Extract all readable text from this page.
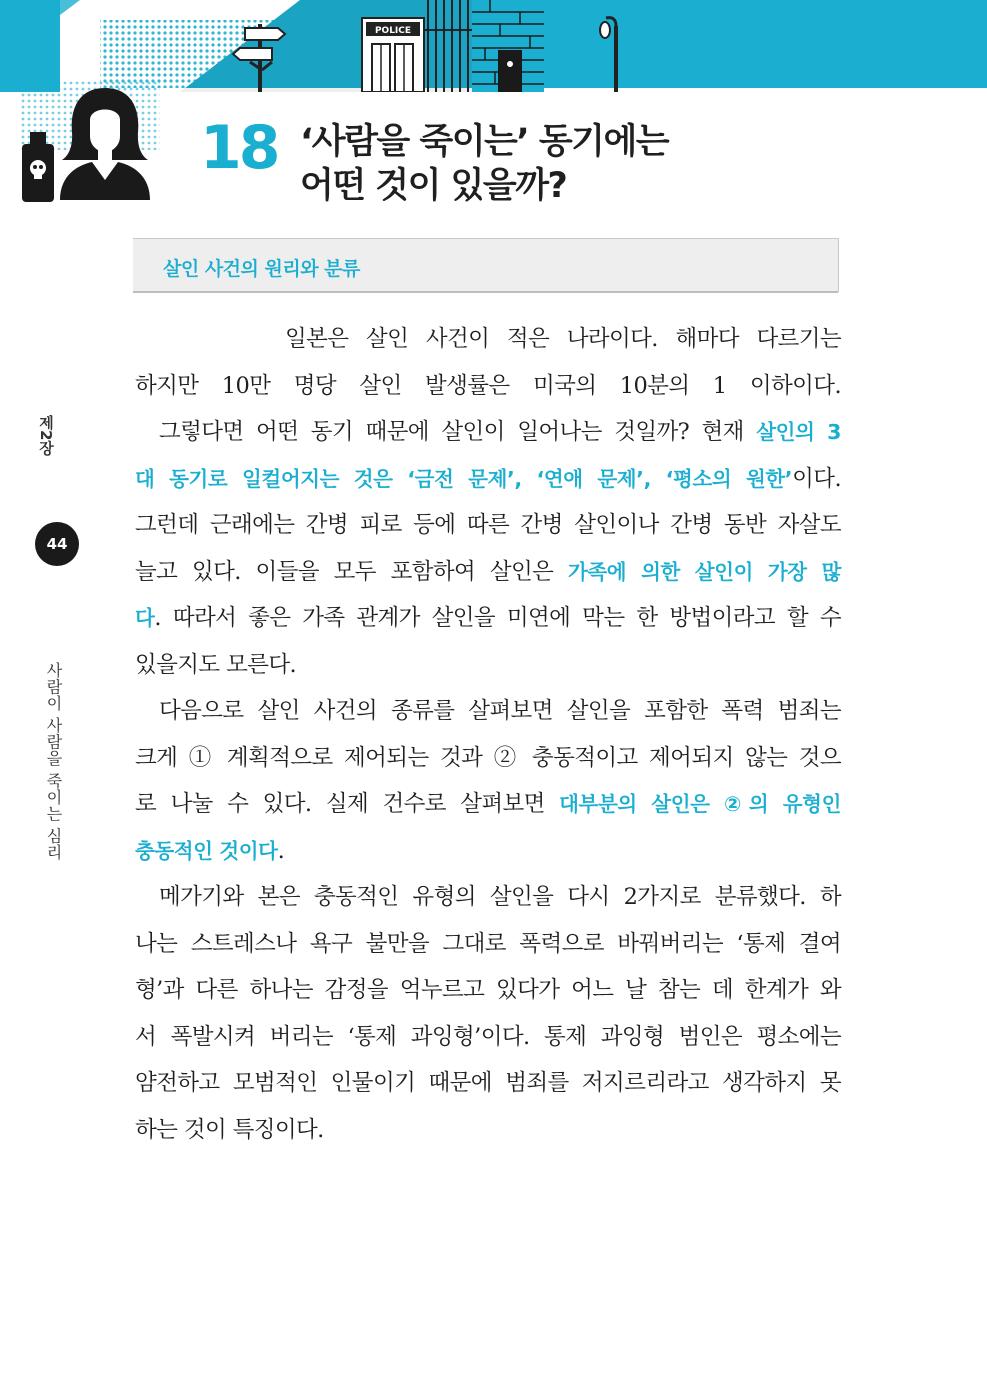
POLICE
18 ‘사람을 죽이는’ 동기에는
어떤 것이 있을까?
살인 사건의 원리와 분류
제2장
44
사람이 사람을 죽이는 심리
일본은 살인 사건이 적은 나라이다. 해마다 다르기는
하지만 10만 명당 살인 발생률은 미국의 10분의 1 이하이다.
그렇다면 어떤 동기 때문에 살인이 일어나는 것일까? 현재 살인의 3
대 동기로 일컬어지는 것은 ‘금전 문제’, ‘연애 문제’, ‘평소의 원한’이다.
그런데 근래에는 간병 피로 등에 따른 간병 살인이나 간병 동반 자살도
늘고 있다. 이들을 모두 포함하여 살인은 가족에 의한 살인이 가장 많
다. 따라서 좋은 가족 관계가 살인을 미연에 막는 한 방법이라고 할 수
있을지도 모른다.
다음으로 살인 사건의 종류를 살펴보면 살인을 포함한 폭력 범죄는
크게 ① 계획적으로 제어되는 것과 ② 충동적이고 제어되지 않는 것으
로 나눌 수 있다. 실제 건수로 살펴보면 대부분의 살인은 ②의 유형인
충동적인 것이다.
메가기와 본은 충동적인 유형의 살인을 다시 2가지로 분류했다. 하
나는 스트레스나 욕구 불만을 그대로 폭력으로 바꿔버리는 ‘통제 결여
형’과 다른 하나는 감정을 억누르고 있다가 어느 날 참는 데 한계가 와
서 폭발시켜 버리는 ‘통제 과잉형’이다. 통제 과잉형 범인은 평소에는
얌전하고 모범적인 인물이기 때문에 범죄를 저지르리라고 생각하지 못
하는 것이 특징이다.
